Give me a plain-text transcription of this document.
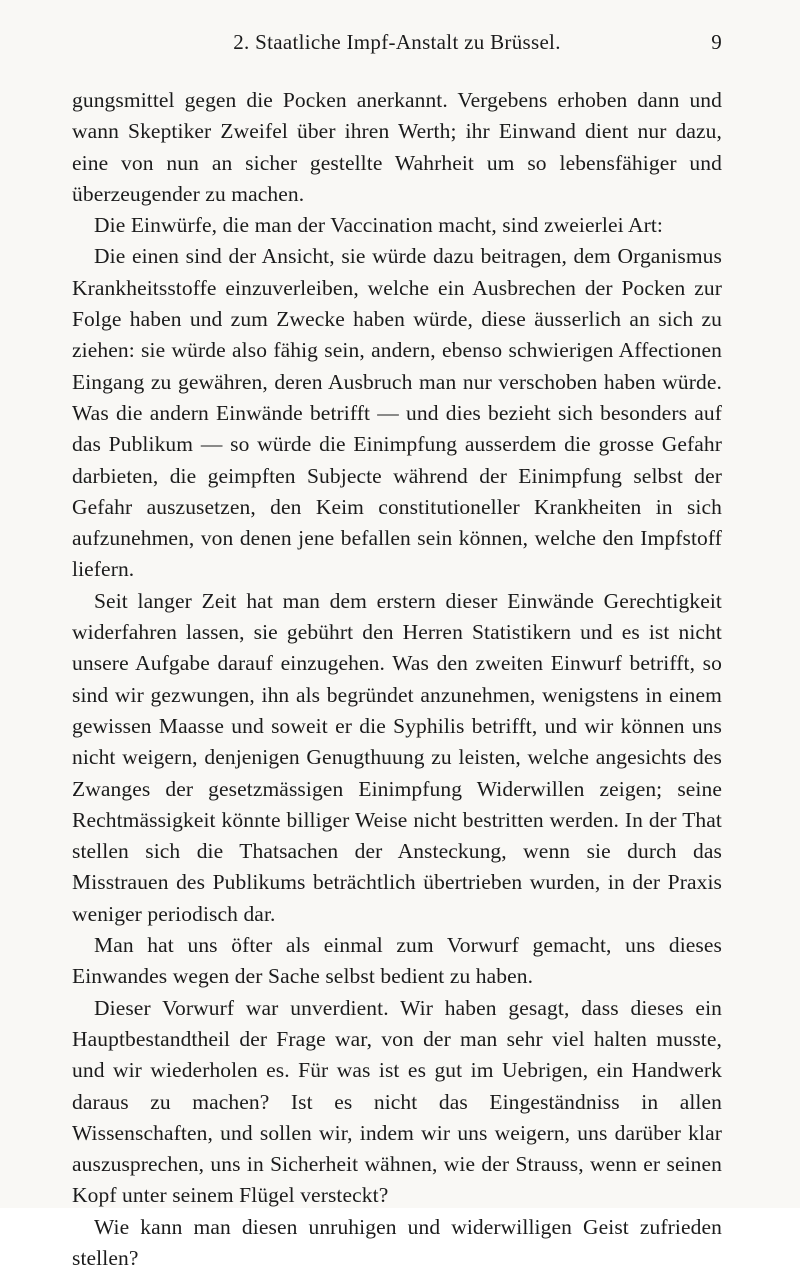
2. Staatliche Impf-Anstalt zu Brüssel.	9

gungsmittel gegen die Pocken anerkannt. Vergebens erhoben dann und wann Skeptiker Zweifel über ihren Werth; ihr Einwand dient nur dazu, eine von nun an sicher gestellte Wahrheit um so lebensfähiger und überzeugender zu machen.

Die Einwürfe, die man der Vaccination macht, sind zweierlei Art:

Die einen sind der Ansicht, sie würde dazu beitragen, dem Organismus Krankheitsstoffe einzuverleiben, welche ein Ausbrechen der Pocken zur Folge haben und zum Zwecke haben würde, diese äusserlich an sich zu ziehen: sie würde also fähig sein, andern, ebenso schwierigen Affectionen Eingang zu gewähren, deren Ausbruch man nur verschoben haben würde. Was die andern Einwände betrifft — und dies bezieht sich besonders auf das Publikum — so würde die Einimpfung ausserdem die grosse Gefahr darbieten, die geimpften Subjecte während der Einimpfung selbst der Gefahr auszusetzen, den Keim constitutioneller Krankheiten in sich aufzunehmen, von denen jene befallen sein können, welche den Impfstoff liefern.

Seit langer Zeit hat man dem erstern dieser Einwände Gerechtigkeit widerfahren lassen, sie gebührt den Herren Statistikern und es ist nicht unsere Aufgabe darauf einzugehen. Was den zweiten Einwurf betrifft, so sind wir gezwungen, ihn als begründet anzunehmen, wenigstens in einem gewissen Maasse und soweit er die Syphilis betrifft, und wir können uns nicht weigern, denjenigen Genugthuung zu leisten, welche angesichts des Zwanges der gesetzmässigen Einimpfung Widerwillen zeigen; seine Rechtmässigkeit könnte billiger Weise nicht bestritten werden. In der That stellen sich die Thatsachen der Ansteckung, wenn sie durch das Misstrauen des Publikums beträchtlich übertrieben wurden, in der Praxis weniger periodisch dar.

Man hat uns öfter als einmal zum Vorwurf gemacht, uns dieses Einwandes wegen der Sache selbst bedient zu haben.

Dieser Vorwurf war unverdient. Wir haben gesagt, dass dieses ein Hauptbestandtheil der Frage war, von der man sehr viel halten musste, und wir wiederholen es. Für was ist es gut im Uebrigen, ein Handwerk daraus zu machen? Ist es nicht das Eingeständniss in allen Wissenschaften, und sollen wir, indem wir uns weigern, uns darüber klar auszusprechen, uns in Sicherheit wähnen, wie der Strauss, wenn er seinen Kopf unter seinem Flügel versteckt?

Wie kann man diesen unruhigen und widerwilligen Geist zufrieden stellen?
